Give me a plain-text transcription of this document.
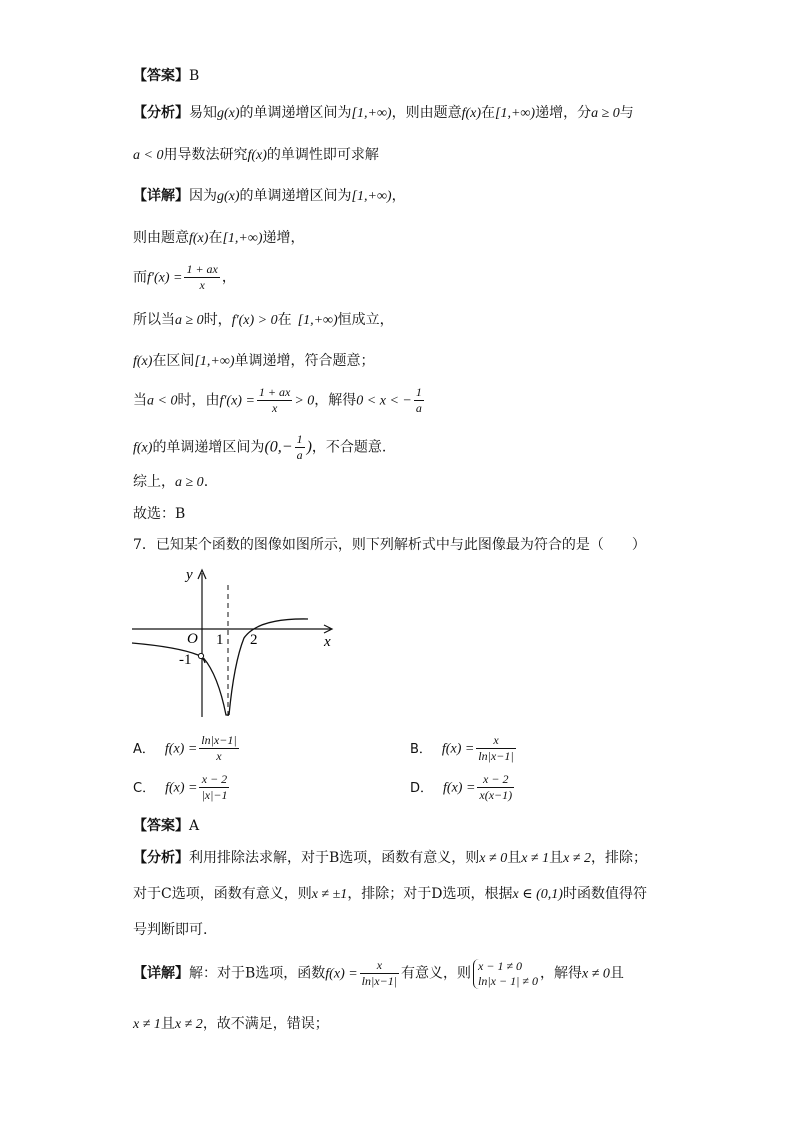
【答案】B
【分析】易知g(x)的单调递增区间为[1,+∞)，则由题意f(x)在[1,+∞)递增，分a ≥ 0与
a < 0用导数法研究f(x)的单调性即可求解
【详解】因为g(x)的单调递增区间为[1,+∞)，
则由题意f(x)在[1,+∞)递增，
而$f'(x) = \frac{1 + ax}{x}$ ，
所以当a ≥ 0时，f′(x) > 0在 [1,+∞)恒成立，
f(x)在区间[1,+∞)单调递增，符合题意；
当a < 0时，由$f'(x) = \frac{1 + ax}{x} > 0$，解得0 < x < − $\frac{1}{a}$
f(x)的单调递增区间为($0,- \frac{1}{a}$ )，不合题意.
综上，a ≥ 0.
故选：B
7．已知某个函数的图像如图所示，则下列解析式中与此图像最为符合的是（　　）
y
x
O 1 2
-1
A． $f(x) = \frac{\ln|x-1|}{x}$	B． $f(x) = \frac{x}{\ln|x-1|}$
C． $f(x) = \frac{x - 2}{|x|-1}$	D． $f(x) = \frac{x - 2}{x(x-1)}$
【答案】A
【分析】利用排除法求解，对于B选项，函数有意义，则x ≠ 0且x ≠ 1且x ≠ 2，排除；
对于C选项，函数有意义，则x ≠ ±1，排除；对于D选项，根据x ∈ (0,1)时函数值得符
号判断即可.
【详解】解：对于B选项，函数$f(x) = \frac{x}{\ln|x-1|}$ 有意义，则 x − 1 ≠ 0
ln|x − 1| ≠ 0 ，解得x ≠ 0且
x ≠ 1且x ≠ 2，故不满足，错误；
